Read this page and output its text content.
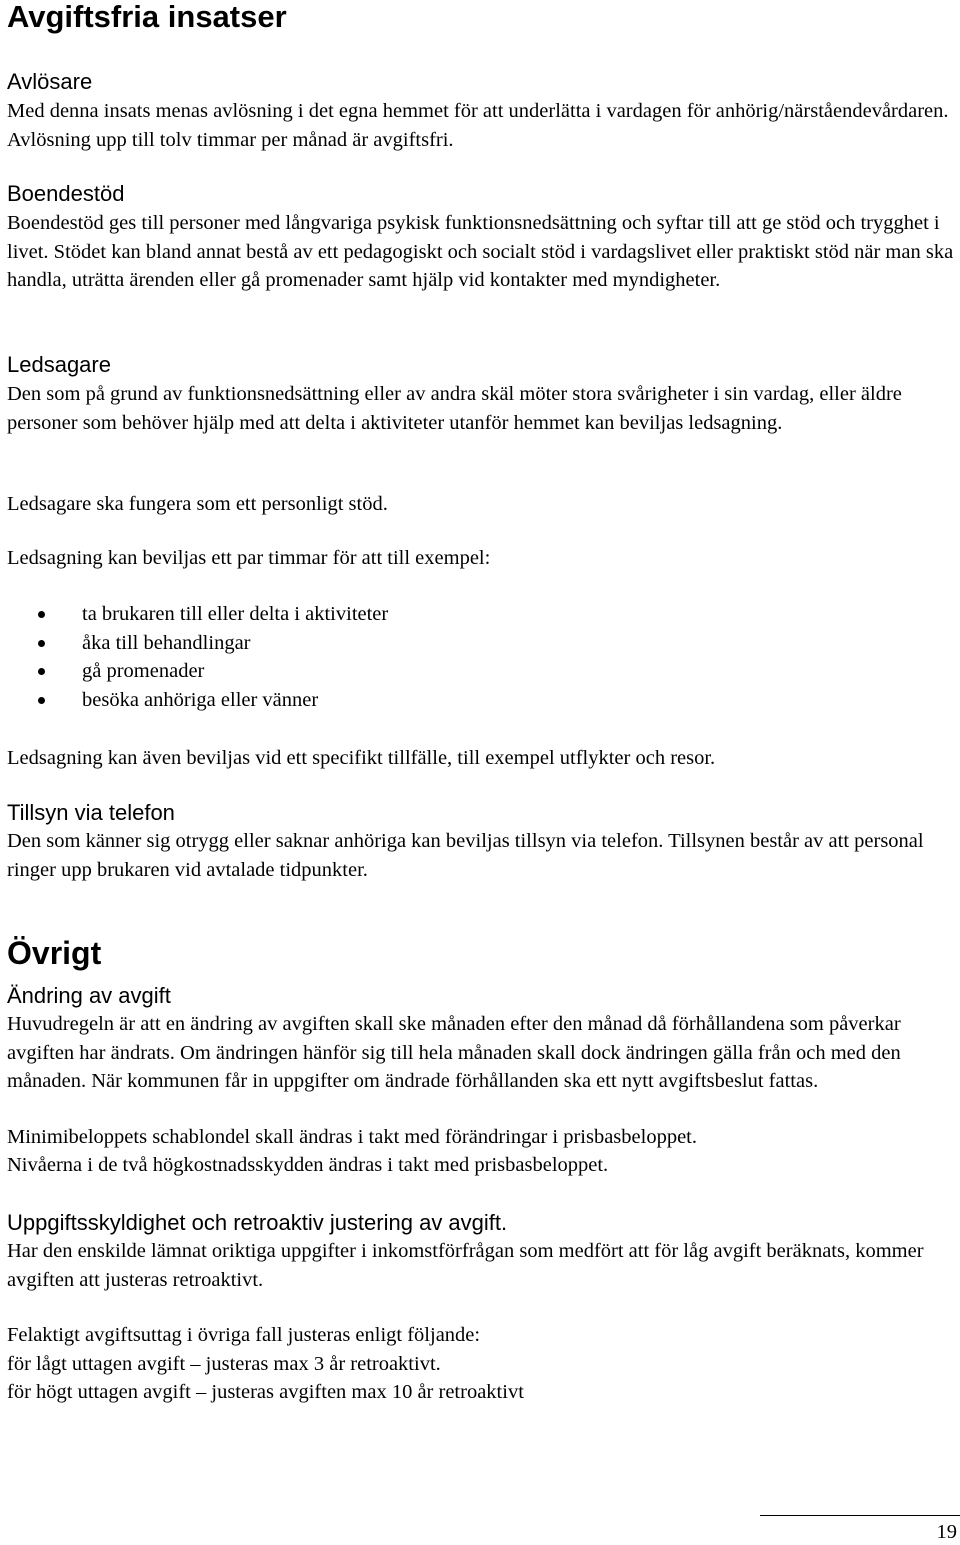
Avgiftsfria insatser
Avlösare
Med denna insats menas avlösning i det egna hemmet för att underlätta i vardagen för anhörig/närståendevårdaren. Avlösning upp till tolv timmar per månad är avgiftsfri.
Boendestöd
Boendestöd ges till personer med långvariga psykisk funktionsnedsättning och syftar till att ge stöd och trygghet i livet. Stödet kan bland annat bestå av ett pedagogiskt och socialt stöd i vardagslivet eller praktiskt stöd när man ska handla, uträtta ärenden eller gå promenader samt hjälp vid kontakter med myndigheter.
Ledsagare
Den som på grund av funktionsnedsättning eller av andra skäl möter stora svårigheter i sin vardag, eller äldre personer som behöver hjälp med att delta i aktiviteter utanför hemmet kan beviljas ledsagning.
Ledsagare ska fungera som ett personligt stöd.
Ledsagning kan beviljas ett par timmar för att till exempel:
ta brukaren till eller delta i aktiviteter
åka till behandlingar
gå promenader
besöka anhöriga eller vänner
Ledsagning kan även beviljas vid ett specifikt tillfälle, till exempel utflykter och resor.
Tillsyn via telefon
Den som känner sig otrygg eller saknar anhöriga kan beviljas tillsyn via telefon. Tillsynen består av att personal ringer upp brukaren vid avtalade tidpunkter.
Övrigt
Ändring av avgift
Huvudregeln är att en ändring av avgiften skall ske månaden efter den månad då förhållandena som påverkar avgiften har ändrats. Om ändringen hänför sig till hela månaden skall dock ändringen gälla från och med den månaden. När kommunen får in uppgifter om ändrade förhållanden ska ett nytt avgiftsbeslut fattas.
Minimibeloppets schablondel skall ändras i takt med förändringar i prisbasbeloppet.
Nivåerna i de två högkostnadsskydden ändras i takt med prisbasbeloppet.
Uppgiftsskyldighet och retroaktiv justering av avgift.
Har den enskilde lämnat oriktiga uppgifter i inkomstförfrågan som medfört att för låg avgift beräknats, kommer avgiften att justeras retroaktivt.
Felaktigt avgiftsuttag i övriga fall justeras enligt följande:
för lågt uttagen avgift – justeras max 3 år retroaktivt.
för högt uttagen avgift – justeras avgiften max 10 år retroaktivt
19
